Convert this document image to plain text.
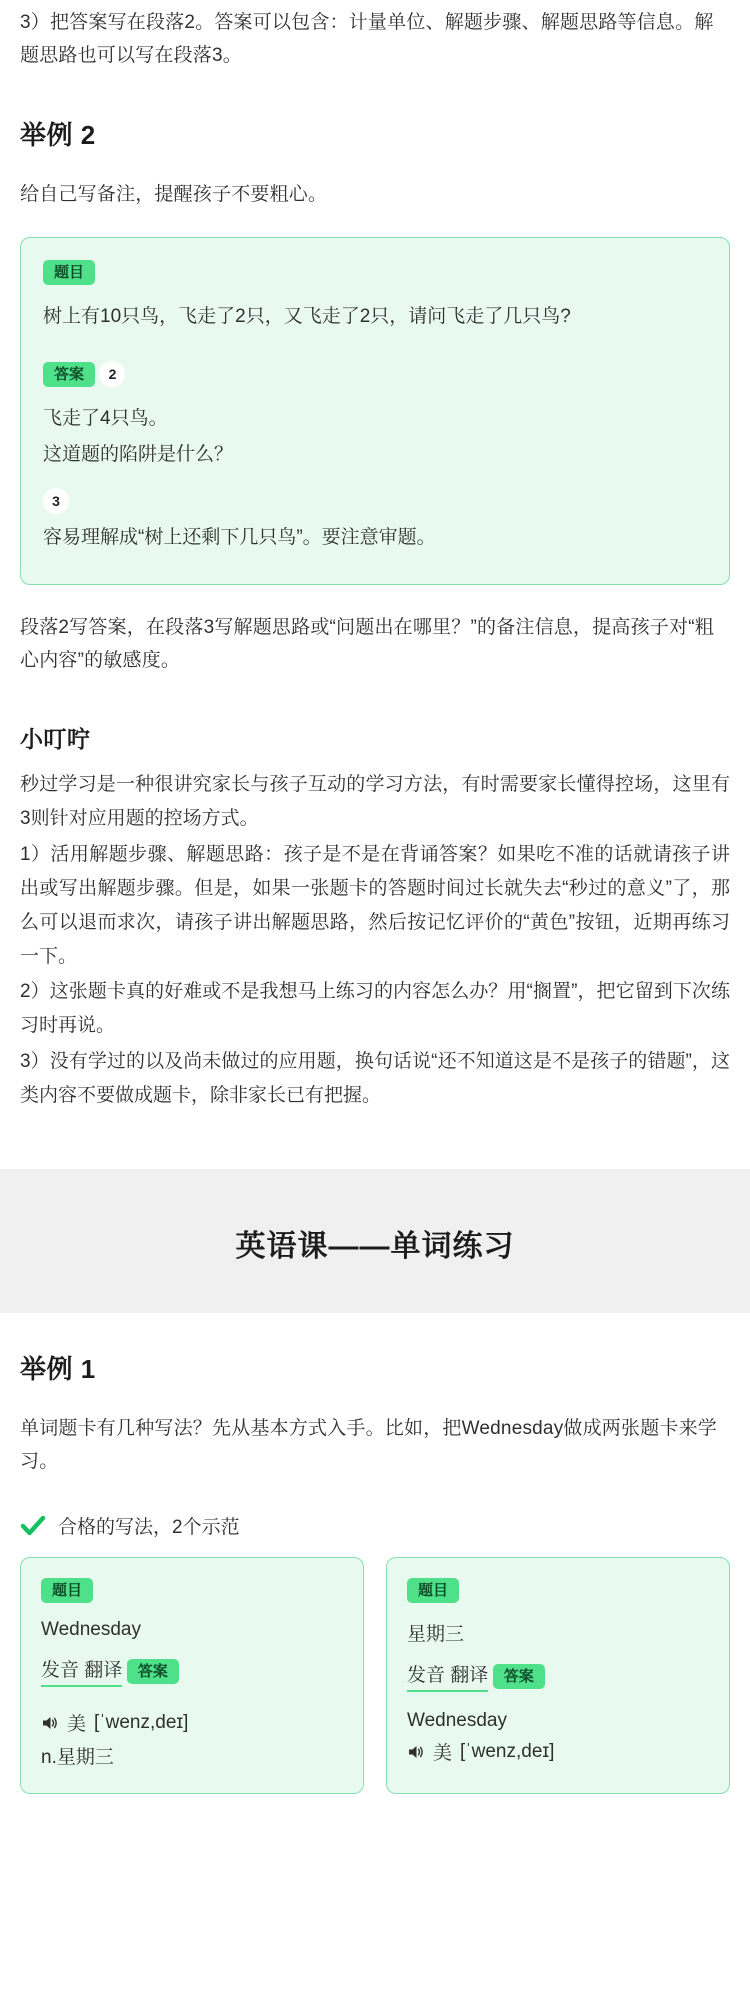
3）把答案写在段落2。答案可以包含：计量单位、解题步骤、解题思路等信息。解题思路也可以写在段落3。

举例 2

给自己写备注，提醒孩子不要粗心。

题目
树上有10只鸟，飞走了2只，又飞走了2只，请问飞走了几只鸟?
答案 2
飞走了4只鸟。
这道题的陷阱是什么？
3
容易理解成“树上还剩下几只鸟”。要注意审题。

段落2写答案，在段落3写解题思路或“问题出在哪里？”的备注信息，提高孩子对“粗心内容”的敏感度。

小叮咛

秒过学习是一种很讲究家长与孩子互动的学习方法，有时需要家长懂得控场，这里有3则针对应用题的控场方式。

1）活用解题步骤、解题思路：孩子是不是在背诵答案？如果吃不准的话就请孩子讲出或写出解题步骤。但是，如果一张题卡的答题时间过长就失去“秒过的意义”了，那么可以退而求次，请孩子讲出解题思路，然后按记忆评价的“黄色”按钮，近期再练习一下。

2）这张题卡真的好难或不是我想马上练习的内容怎么办？用“搁置”，把它留到下次练习时再说。

3）没有学过的以及尚未做过的应用题，换句话说“还不知道这是不是孩子的错题”，这类内容不要做成题卡，除非家长已有把握。

英语课——单词练习
举例 1

单词题卡有几种写法？先从基本方式入手。比如，把Wednesday做成两张题卡来学习。

合格的写法，2个示范
题目
Wednesday
发音 翻译 答案
美 [ˈwenz,deɪ]
n.星期三
题目
星期三
发音 翻译 答案
Wednesday
美 [ˈwenz,deɪ]
